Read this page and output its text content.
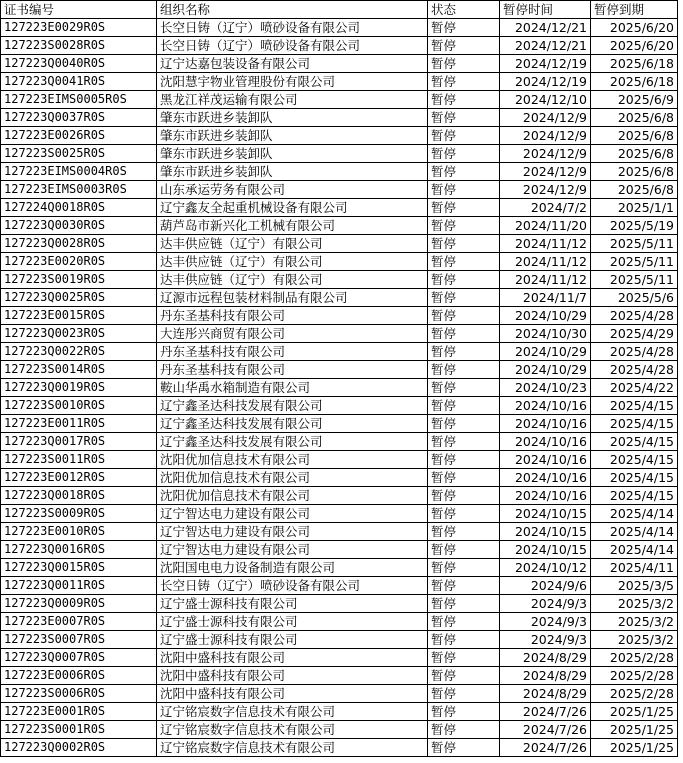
证书编号	组织名称	状态	暂停时间	暂停到期
127223E0029R0S	长空日铸（辽宁）喷砂设备有限公司	暂停	2024/12/21	2025/6/20
127223S0028R0S	长空日铸（辽宁）喷砂设备有限公司	暂停	2024/12/21	2025/6/20
127223Q0040R0S	辽宁达嘉包装设备有限公司	暂停	2024/12/19	2025/6/18
127223Q0041R0S	沈阳慧宇物业管理股份有限公司	暂停	2024/12/19	2025/6/18
127223EIMS0005R0S	黑龙江祥茂运输有限公司	暂停	2024/12/10	2025/6/9
127223Q0037R0S	肇东市跃进乡装卸队	暂停	2024/12/9	2025/6/8
127223E0026R0S	肇东市跃进乡装卸队	暂停	2024/12/9	2025/6/8
127223S0025R0S	肇东市跃进乡装卸队	暂停	2024/12/9	2025/6/8
127223EIMS0004R0S	肇东市跃进乡装卸队	暂停	2024/12/9	2025/6/8
127223EIMS0003R0S	山东承运劳务有限公司	暂停	2024/12/9	2025/6/8
127224Q0018R0S	辽宁鑫友全起重机械设备有限公司	暂停	2024/7/2	2025/1/1
127223Q0030R0S	葫芦岛市新兴化工机械有限公司	暂停	2024/11/20	2025/5/19
127223Q0028R0S	达丰供应链（辽宁）有限公司	暂停	2024/11/12	2025/5/11
127223E0020R0S	达丰供应链（辽宁）有限公司	暂停	2024/11/12	2025/5/11
127223S0019R0S	达丰供应链（辽宁）有限公司	暂停	2024/11/12	2025/5/11
127223Q0025R0S	辽源市远程包装材料制品有限公司	暂停	2024/11/7	2025/5/6
127223E0015R0S	丹东圣基科技有限公司	暂停	2024/10/29	2025/4/28
127223Q0023R0S	大连彤兴商贸有限公司	暂停	2024/10/30	2025/4/29
127223Q0022R0S	丹东圣基科技有限公司	暂停	2024/10/29	2025/4/28
127223S0014R0S	丹东圣基科技有限公司	暂停	2024/10/29	2025/4/28
127223Q0019R0S	鞍山华禹水箱制造有限公司	暂停	2024/10/23	2025/4/22
127223S0010R0S	辽宁鑫圣达科技发展有限公司	暂停	2024/10/16	2025/4/15
127223E0011R0S	辽宁鑫圣达科技发展有限公司	暂停	2024/10/16	2025/4/15
127223Q0017R0S	辽宁鑫圣达科技发展有限公司	暂停	2024/10/16	2025/4/15
127223S0011R0S	沈阳优加信息技术有限公司	暂停	2024/10/16	2025/4/15
127223E0012R0S	沈阳优加信息技术有限公司	暂停	2024/10/16	2025/4/15
127223Q0018R0S	沈阳优加信息技术有限公司	暂停	2024/10/16	2025/4/15
127223S0009R0S	辽宁智达电力建设有限公司	暂停	2024/10/15	2025/4/14
127223E0010R0S	辽宁智达电力建设有限公司	暂停	2024/10/15	2025/4/14
127223Q0016R0S	辽宁智达电力建设有限公司	暂停	2024/10/15	2025/4/14
127223Q0015R0S	沈阳国电电力设备制造有限公司	暂停	2024/10/12	2025/4/11
127223Q0011R0S	长空日铸（辽宁）喷砂设备有限公司	暂停	2024/9/6	2025/3/5
127223Q0009R0S	辽宁盛士源科技有限公司	暂停	2024/9/3	2025/3/2
127223E0007R0S	辽宁盛士源科技有限公司	暂停	2024/9/3	2025/3/2
127223S0007R0S	辽宁盛士源科技有限公司	暂停	2024/9/3	2025/3/2
127223Q0007R0S	沈阳中盛科技有限公司	暂停	2024/8/29	2025/2/28
127223E0006R0S	沈阳中盛科技有限公司	暂停	2024/8/29	2025/2/28
127223S0006R0S	沈阳中盛科技有限公司	暂停	2024/8/29	2025/2/28
127223E0001R0S	辽宁铭宸数字信息技术有限公司	暂停	2024/7/26	2025/1/25
127223S0001R0S	辽宁铭宸数字信息技术有限公司	暂停	2024/7/26	2025/1/25
127223Q0002R0S	辽宁铭宸数字信息技术有限公司	暂停	2024/7/26	2025/1/25
